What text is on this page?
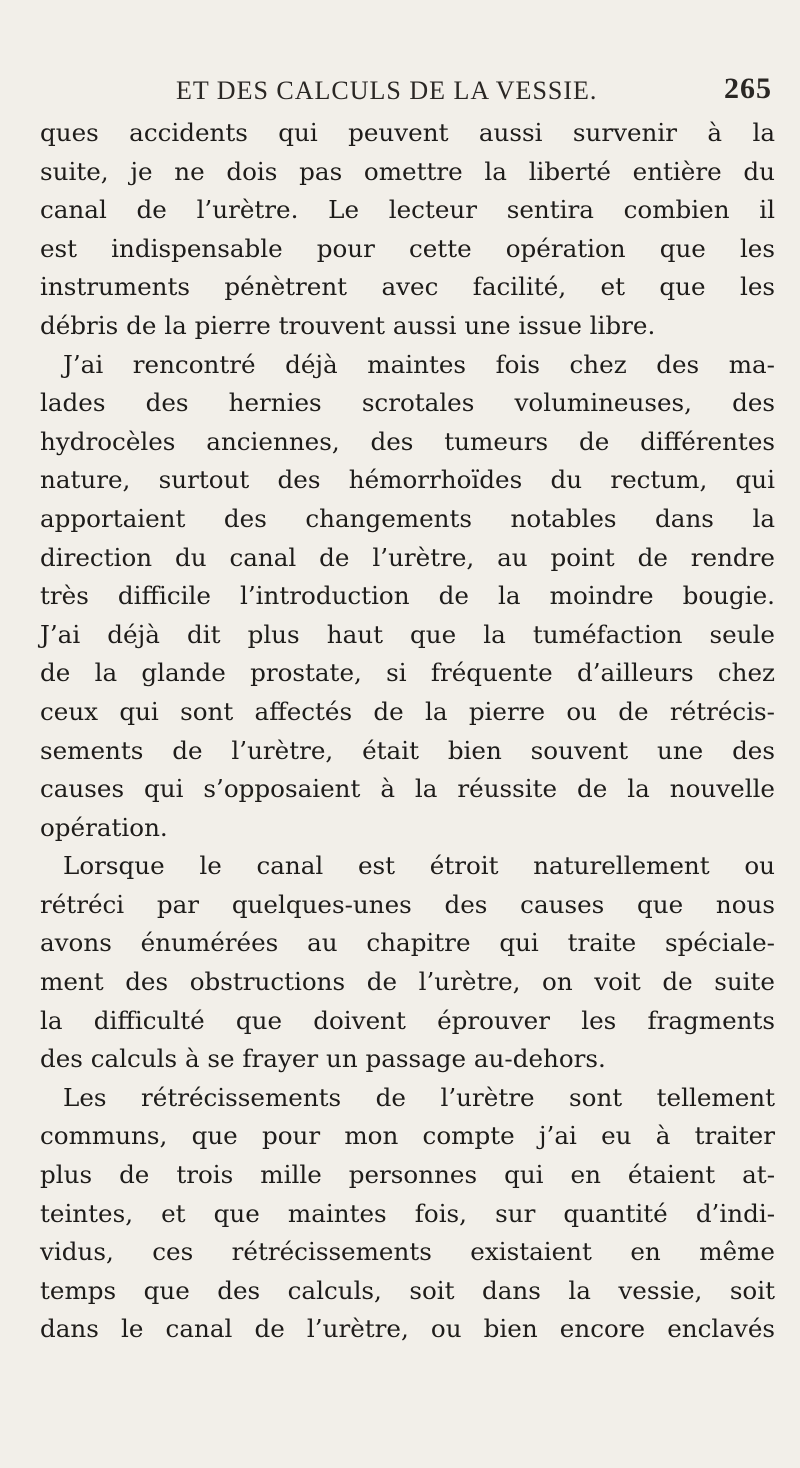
ET DES CALCULS DE LA VESSIE.	265
ques accidents qui peuvent aussi survenir à la
suite, je ne dois pas omettre la liberté entière du
canal de l’urètre. Le lecteur sentira combien il
est indispensable pour cette opération que les
instruments pénètrent avec facilité, et que les
débris de la pierre trouvent aussi une issue libre.
J’ai rencontré déjà maintes fois chez des ma-
lades des hernies scrotales volumineuses, des
hydrocèles anciennes, des tumeurs de différentes
nature, surtout des hémorrhoïdes du rectum, qui
apportaient des changements notables dans la
direction du canal de l’urètre, au point de rendre
très difficile l’introduction de la moindre bougie.
J’ai déjà dit plus haut que la tuméfaction seule
de la glande prostate, si fréquente d’ailleurs chez
ceux qui sont affectés de la pierre ou de rétrécis-
sements de l’urètre, était bien souvent une des
causes qui s’opposaient à la réussite de la nouvelle
opération.
Lorsque le canal est étroit naturellement ou
rétréci par quelques-unes des causes que nous
avons énumérées au chapitre qui traite spéciale-
ment des obstructions de l’urètre, on voit de suite
la difficulté que doivent éprouver les fragments
des calculs à se frayer un passage au-dehors.
Les rétrécissements de l’urètre sont tellement
communs, que pour mon compte j’ai eu à traiter
plus de trois mille personnes qui en étaient at-
teintes, et que maintes fois, sur quantité d’indi-
vidus, ces rétrécissements existaient en même
temps que des calculs, soit dans la vessie, soit
dans le canal de l’urètre, ou bien encore enclavés
